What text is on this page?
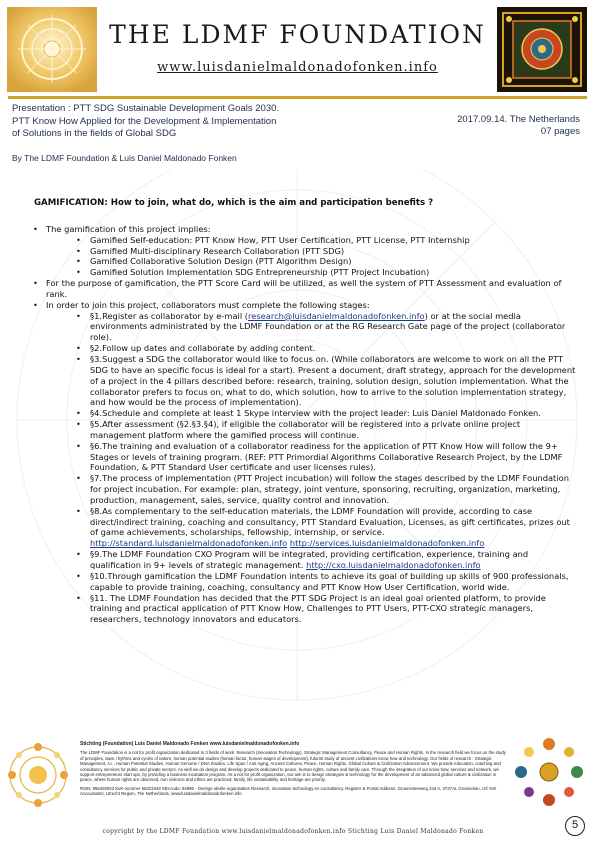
THE LDMF FOUNDATION
www.luisdanielmaldonadofonken.info
Presentation : PTT SDG Sustainable Development Goals 2030.
PTT Know How Applied for the Development & Implementation
of Solutions in the fields of Global SDG
2017.09.14. The Netherlands
07 pages
By The LDMF Foundation & Luis Daniel Maldonado Fonken
GAMIFICATION: How to join, what do, which is the aim and participation benefits ?
• The gamification of this project implies:
• Gamified Self-education: PTT Know How, PTT User Certification, PTT License, PTT Internship
• Gamified Multi-disciplinary Research Collaboration (PTT SDG)
• Gamified Collaborative Solution Design (PTT Algorithm Design)
• Gamified Solution Implementation SDG Entrepreneurship (PTT Project Incubation)
• For the purpose of gamification, the PTT Score Card will be utilized, as well the system of PTT Assessment and evaluation of rank.
• In order to join this project, collaborators must complete the following stages:
• §1.Register as collaborator by e-mail (research@luisdanielmaldonadofonken.info) or at the social media environments administrated by the LDMF Foundation or at the RG Research Gate page of the project (collaborator role).
• §2.Follow up dates and collaborate by adding content.
• §3.Suggest a SDG the collaborator would like to focus on. (While collaborators are welcome to work on all the PTT SDG to have an specific focus is ideal for a start). Present a document, draft strategy, approach for the development of a project in the 4 pillars described before: research, training, solution design, solution implementation. What the collaborator prefers to focus on, what to do, which solution, how to arrive to the solution implementation strategy, and how would be the process of implementation).
• §4.Schedule and complete at least 1 Skype interview with the project leader: Luis Daniel Maldonado Fonken.
• §5.After assessment (§2.§3.§4), if eligible the collaborator will be registered into a private online project management platform where the gamified process will continue.
• §6.The training and evaluation of a collaborator readiness for the application of PTT Know How will follow the 9+ Stages or levels of training program. (REF: PTT Primordial Algorithms Collaborative Research Project, by the LDMF Foundation, & PTT Standard User certificate and user licenses rules).
• §7.The process of implementation (PTT Project incubation) will follow the stages described by the LDMF Foundation for project incubation. For example: plan, strategy, joint venture, sponsoring, recruiting, organization, marketing, production, management, sales, service, quality control and innovation.
• §8.As complementary to the self-education materials, the LDMF Foundation will provide, according to case direct/indirect training, coaching and consultancy, PTT Standard Evaluation, Licenses, as gift certificates, prizes out of game achievements, scholarships, fellowship, internship, or service. http://standard.luisdanielmaldonadofonken.info http://services.luisdanielmaldonadofonken.info
• §9.The LDMF Foundation CXO Program will be integrated, providing certification, experience, training and qualification in 9+ levels of strategic management. http://cxo.luisdanielmaldonadofonken.info
• §10.Through gamification the LDMF Foundation intents to achieve its goal of building up skills of 900 professionals, capable to provide training, coaching, consultancy and PTT Know How User Certification, world wide.
• §11. The LDMF Foundation has decided that the PTT SDG Project is an ideal goal oriented platform, to provide training and practical application of PTT Know How, Challenges to PTT Users, PTT-CXO strategic managers, researchers, technology innovators and educators.
Stichting (Foundation) Luis Daniel Maldonado Fonken www.luisdanielmaldonadofonken.info
The LDMF Foundation is a not for profit organization dedicated to 3 fields of work: Research (Innovation Technology), Strategic Management Consultancy, Peace and Human Rights. In the research field we focus on the study of principles, laws, rhythms and cycles of nature, human potential studies (human factor, human stages of development), futurist study of ancient civilizations know how and technology. Our fields of research : Strategic Management, A.i., Human Potential Studies, Human Genome / DNA Studies, Life Span / Anti Aging, Ancient Cultures, Peace, Human Rights, Global Culture & Civilization Advancement. We provide education, coaching and consultancy services for public and private sectors. As well we do design and develop projects dedicated to peace, human rights, culture and family care. Through the integration of our know how, services and network, we support entrepreneurs start ups, by providing a business incubation program. As a not for profit organization, our aim is to design strategies & technology for the development of an advanced global culture & civilization in peace, where human rights are observed, non violence and ethics are practiced, family, life sustainability and heritage are priority.
RSIN: 856450923 KvK-nummer 66323348 SBI-code: 94996 - Overige ideële organisaties Research, innovation technology en consultancy. Register & Postal Address: Groenesteeweg 244 A, 3737AL Groenekan, U© KIK Accountants, Utrecht Region, The Netherlands. www.luisdanielmaldonadofonken.info
copyright by the LDMF Foundation www.luisdanielmaldonadofonken.info Stichting Luis Daniel Maldonado Fonken
5
